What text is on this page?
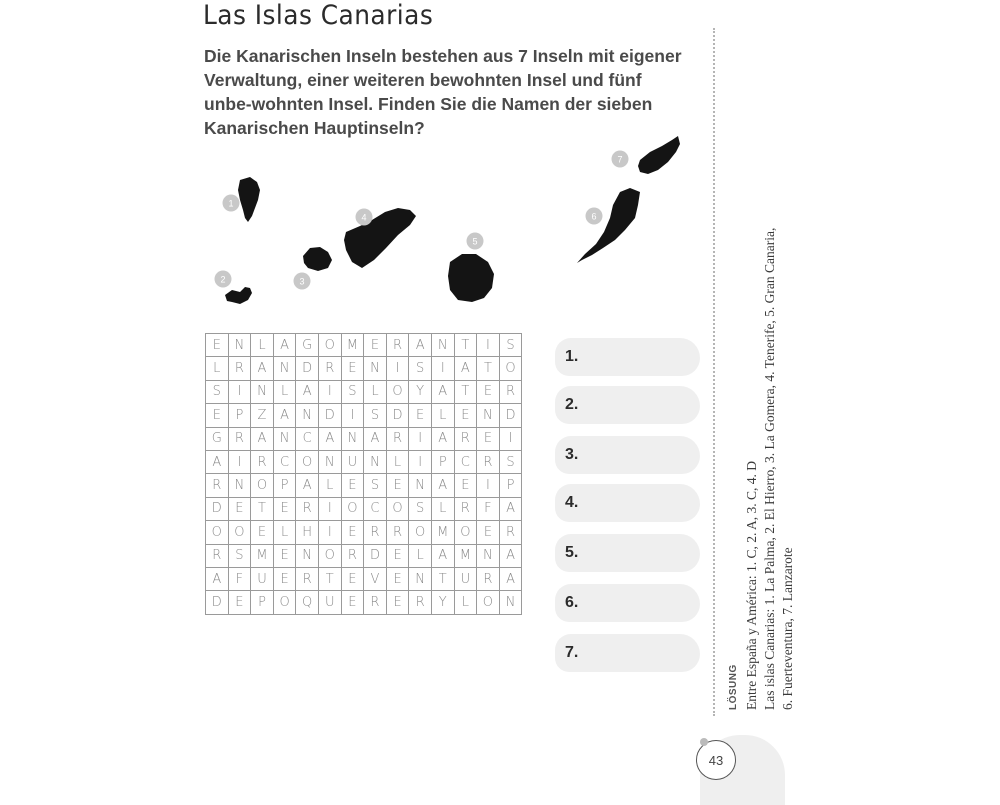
Las Islas Canarias
Die Kanarischen Inseln bestehen aus 7 Inseln mit eigener Verwaltung, einer weiteren bewohnten Insel und fünf unbe-wohnten Insel. Finden Sie die Namen der sieben Kanarischen Hauptinseln?
1
2	3
4
5
6
7
E	N	L	A	G	O	M	E	R	A	N	T	I	S
L	R	A	N	D	R	E	N	I	S	I	A	T	O
S	I	N	L	A	I	S	L	O	Y	A	T	E	R
E	P	Z	A	N	D	I	S	D	E	L	E	N	D
G	R	A	N	C	A	N	A	R	I	A	R	E	I
A	I	R	C	O	N	U	N	L	I	P	C	R	S
R	N	O	P	A	L	E	S	E	N	A	E	I	P
D	E	T	E	R	I	O	C	O	S	L	R	F	A
O	O	E	L	H	I	E	R	R	O	M	O	E	R
R	S	M	E	N	O	R	D	E	L	A	M	N	A
A	F	U	E	R	T	E	V	E	N	T	U	R	A
D	E	P	O	Q	U	E	R	E	R	Y	L	O	N
1.
2.
3.
4.
5.
6.
7.
LÖSUNG Entre España y América: 1. C, 2. A, 3. C, 4. D Las islas Canarias: 1. La Palma, 2. El Hierro, 3. La Gomera, 4. Tenerife, 5. Gran Canaria, 6. Fuerteventura, 7. Lanzarote
43
